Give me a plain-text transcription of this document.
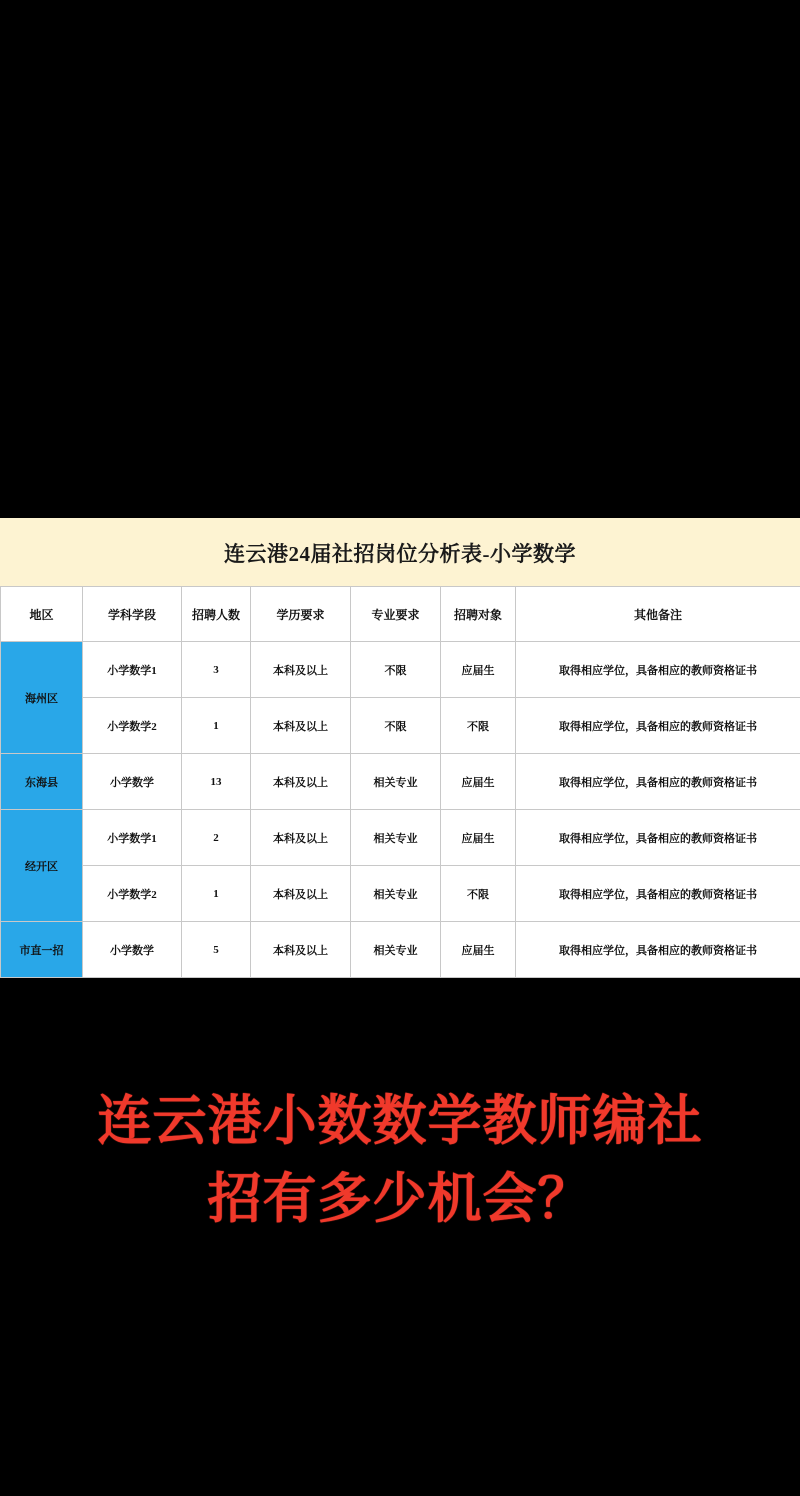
连云港24届社招岗位分析表-小学数学
地区	学科学段	招聘人数	学历要求	专业要求	招聘对象	其他备注
海州区	小学数学1	3	本科及以上	不限	应届生	取得相应学位，具备相应的教师资格证书
	小学数学2	1	本科及以上	不限	不限	取得相应学位，具备相应的教师资格证书
东海县	小学数学	13	本科及以上	相关专业	应届生	取得相应学位，具备相应的教师资格证书
经开区	小学数学1	2	本科及以上	相关专业	应届生	取得相应学位，具备相应的教师资格证书
	小学数学2	1	本科及以上	相关专业	不限	取得相应学位，具备相应的教师资格证书
市直一招	小学数学	5	本科及以上	相关专业	应届生	取得相应学位，具备相应的教师资格证书
连云港小数数学教师编社
招有多少机会？
